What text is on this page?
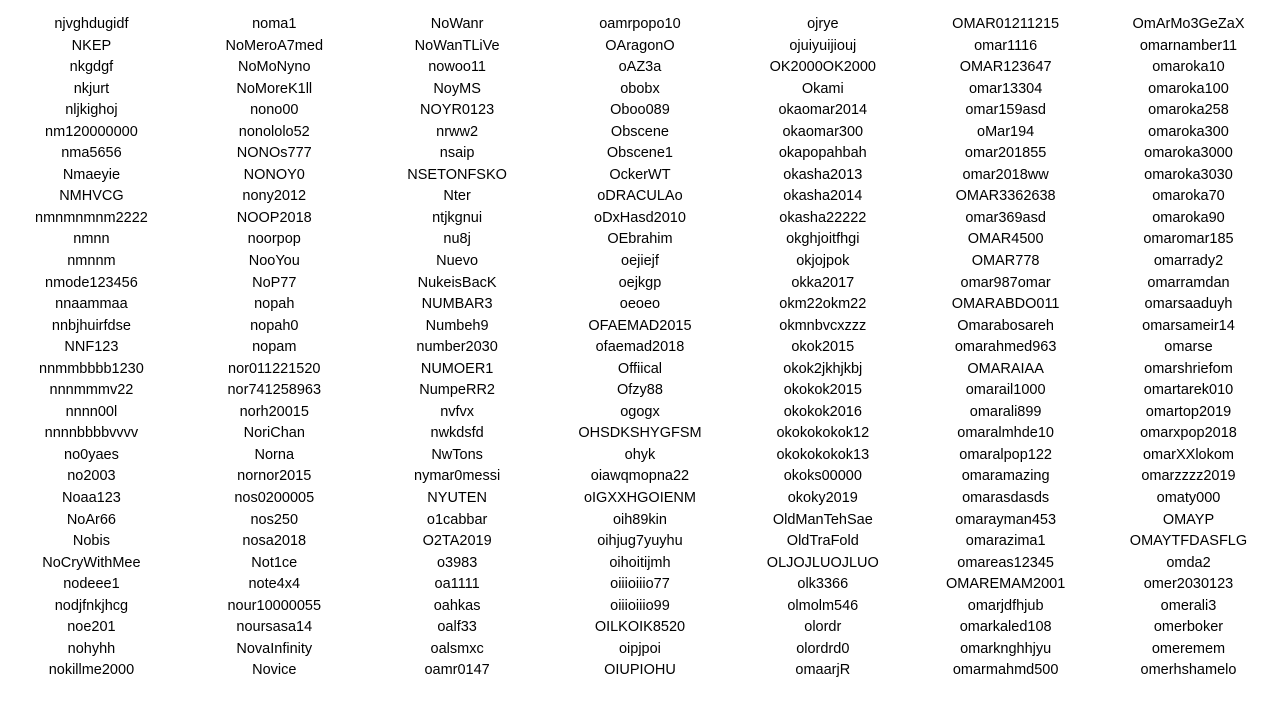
njvghdugidf
NKEP
nkgdgf
nkjurt
nljkighoj
nm120000000
nma5656
Nmaeyie
NMHVCG
nmnmnmnm2222
nmnn
nmnnm
nmode123456
nnaammaa
nnbjhuirfdse
NNF123
nnmmbbbb1230
nnnmmmv22
nnnn00l
nnnnbbbbvvvv
no0yaes
no2003
Noaa123
NoAr66
Nobis
NoCryWithMee
nodeee1
nodjfnkjhcg
noe201
nohyhh
nokillme2000
noma1
NoMeroA7med
NoMoNyno
NoMoreK1ll
nono00
nonololo52
NONOs777
NONOY0
nony2012
NOOP2018
noorpop
NooYou
NoP77
nopah
nopah0
nopam
nor011221520
nor741258963
norh20015
NoriChan
Norna
nornor2015
nos0200005
nos250
nosa2018
Not1ce
note4x4
nour10000055
noursasa14
NovaInfinity
Novice
NoWanr
NoWanTLiVe
nowoo11
NoyMS
NOYR0123
nrww2
nsaip
NSETONFSKO
Nter
ntjkgnui
nu8j
Nuevo
NukeisBacK
NUMBAR3
Numbeh9
number2030
NUMOER1
NumpeRR2
nvfvx
nwkdsfd
NwTons
nymar0messi
NYUTEN
o1cabbar
O2TA2019
o3983
oa1111
oahkas
oalf33
oalsmxc
oamr0147
oamrpopo10
OAragonO
oAZ3a
obobx
Oboo089
Obscene
Obscene1
OckerWT
oDRACULAo
oDxHasd2010
OEbrahim
oejiejf
oejkgp
oeoeo
OFAEMAD2015
ofaemad2018
Offiical
Ofzy88
ogogx
OHSDKSHYGFSM
ohyk
oiawqmopna22
oIGXXHGOIENM
oih89kin
oihjug7yuyhu
oihoitijmh
oiiioiiio77
oiiioiiio99
OILKOIK8520
oipjpoi
OIUPIOHU
ojrye
ojuiyuijiouj
OK2000OK2000
Okami
okaomar2014
okaomar300
okapopahbah
okasha2013
okasha2014
okasha22222
okghjoitfhgi
okjojpok
okka2017
okm22okm22
okmnbvcxzzz
okok2015
okok2jkhjkbj
okokok2015
okokok2016
okokokokok12
okokokokok13
okoks00000
okoky2019
OldManTehSae
OldTraFold
OLJOJLUOJLUO
olk3366
olmolm546
olordr
olordrd0
omaarjR
OMAR01211215
omar1116
OMAR123647
omar13304
omar159asd
oMar194
omar201855
omar2018ww
OMAR3362638
omar369asd
OMAR4500
OMAR778
omar987omar
OMARABDO011
Omarabosareh
omarahmed963
OMARAIAA
omarail1000
omarali899
omaralmhde10
omaralpop122
omaramazing
omarasdasds
omarayman453
omarazima1
omareas12345
OMAREMAM2001
omarjdfhjub
omarkaled108
omarknghhjyu
omarmahmd500
OmArMo3GeZaX
omarnamber11
omaroka10
omaroka100
omaroka258
omaroka300
omaroka3000
omaroka3030
omaroka70
omaroka90
omaromar185
omarrady2
omarramdan
omarsaaduyh
omarsameir14
omarse
omarshriefom
omartarek010
omartop2019
omarxpop2018
omarXXlokom
omarzzzz2019
omaty000
OMAYP
OMAYTFDASFLG
omda2
omer2030123
omerali3
omerboker
omeremem
omerhshamelo
